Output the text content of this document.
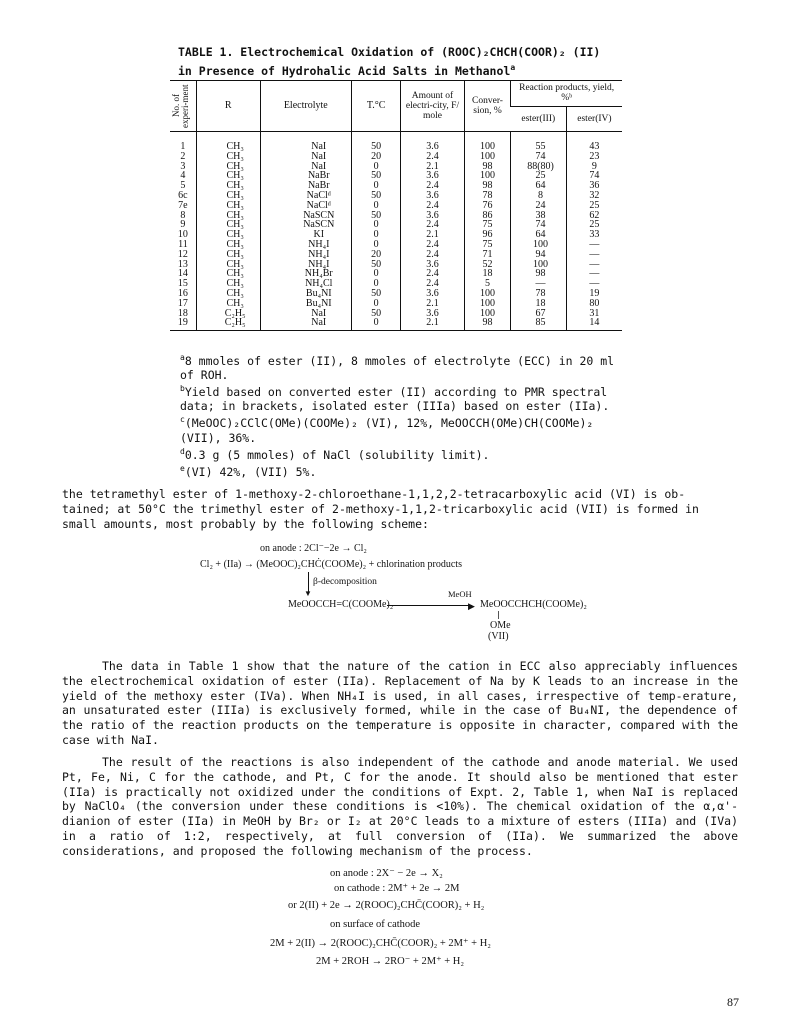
TABLE 1. Electrochemical Oxidation of (ROOC)₂CHCH(COOR)₂ (II)
in Presence of Hydrohalic Acid Salts in Methanol$^a$
No. of experi-ment	R	Electrolyte	T.°C	Amount of electri-city, F/ mole	Conver-sion, %	Reaction products, yield, %ᵇ	
						ester(III)	ester(IV)
1	CH₃	NaI	50	3.6	100	55	43
2	CH₃	NaI	20	2.4	100	74	23
3	CH₃	NaI	0	2.1	98	88(80)	9
4	CH₃	NaBr	50	3.6	100	25	74
5	CH₃	NaBr	0	2.4	98	64	36
6c	CH₃	NaClᵈ	50	3.6	78	8	32
7e	CH₃	NaClᵈ	0	2.4	76	24	25
8	CH₃	NaSCN	50	3.6	86	38	62
9	CH₃	NaSCN	0	2.4	75	74	25
10	CH₃	KI	0	2.1	96	64	33
11	CH₃	NH₄I	0	2.4	75	100	—
12	CH₃	NH₄I	20	2.4	71	94	—
13	CH₃	NH₄I	50	3.6	52	100	—
14	CH₃	NH₄Br	0	2.4	18	98	—
15	CH₃	NH₄Cl	0	2.4	5	—	—
16	CH₃	Bu₄NI	50	3.6	100	78	19
17	CH₃	Bu₄NI	0	2.1	100	18	80
18	C₂H₅	NaI	50	3.6	100	67	31
19	C₂H₅	NaI	0	2.1	98	85	14

$^a$8 mmoles of ester (II), 8 mmoles of electrolyte (ECC) in 20 ml

of ROH.

$^b$Yield based on converted ester (II) according to PMR spectral

data; in brackets, isolated ester (IIIa) based on ester (IIa).

$^c$(MeOOC)₂CClC(OMe)(COOMe)₂ (VI), 12%, MeOOCCH(OMe)CH(COOMe)₂

(VII), 36%.

$^d$0.3 g (5 mmoles) of NaCl (solubility limit).

$^e$(VI) 42%, (VII) 5%.

the tetramethyl ester of 1-methoxy-2-chloroethane-1,1,2,2-tetracarboxylic acid (VI) is ob-

tained; at 50°C the trimethyl ester of 2-methoxy-1,1,2-tricarboxylic acid (VII) is formed in

small amounts, most probably by the following scheme:

on anode : 2Cl⁻−2e → Cl₂
Cl₂ + (IIa) → (MeOOC)₂CHĊ(COOMe)₂ + chlorination products
▼
β-decomposition
MeOOCCH=C(COOMe)₂
MeOH
▶ MeOOCCHCH(COOMe)₂
OMe
(VII)

The data in Table 1 show that the nature of the cation in ECC also appreciably influences the electrochemical oxidation of ester (IIa). Replacement of Na by K leads to an increase in the yield of the methoxy ester (IVa). When NH₄I is used, in all cases, irrespective of temp-erature, an unsaturated ester (IIIa) is exclusively formed, while in the case of Bu₄NI, the dependence of the ratio of the reaction products on the temperature is opposite in character, compared with the case with NaI.

The result of the reactions is also independent of the cathode and anode material. We used Pt, Fe, Ni, C for the cathode, and Pt, C for the anode. It should also be mentioned that ester (IIa) is practically not oxidized under the conditions of Expt. 2, Table 1, when NaI is replaced by NaClO₄ (the conversion under these conditions is <10%). The chemical oxidation of the α,α'-dianion of ester (IIa) in MeOH by Br₂ or I₂ at 20°C leads to a mixture of esters (IIIa) and (IVa) in a ratio of 1:2, respectively, at full conversion of (IIa). We summarized the above considerations, and proposed the following mechanism of the process.

on anode : 2X⁻ − 2e → X₂
on cathode : 2M⁺ + 2e → 2M
or 2(II) + 2e → 2(ROOC)₂CHC̄(COOR)₂ + H₂
on surface of cathode
2M + 2(II) → 2(ROOC)₂CHC̄(COOR)₂ + 2M⁺ + H₂
2M + 2ROH → 2RO⁻ + 2M⁺ + H₂
87
